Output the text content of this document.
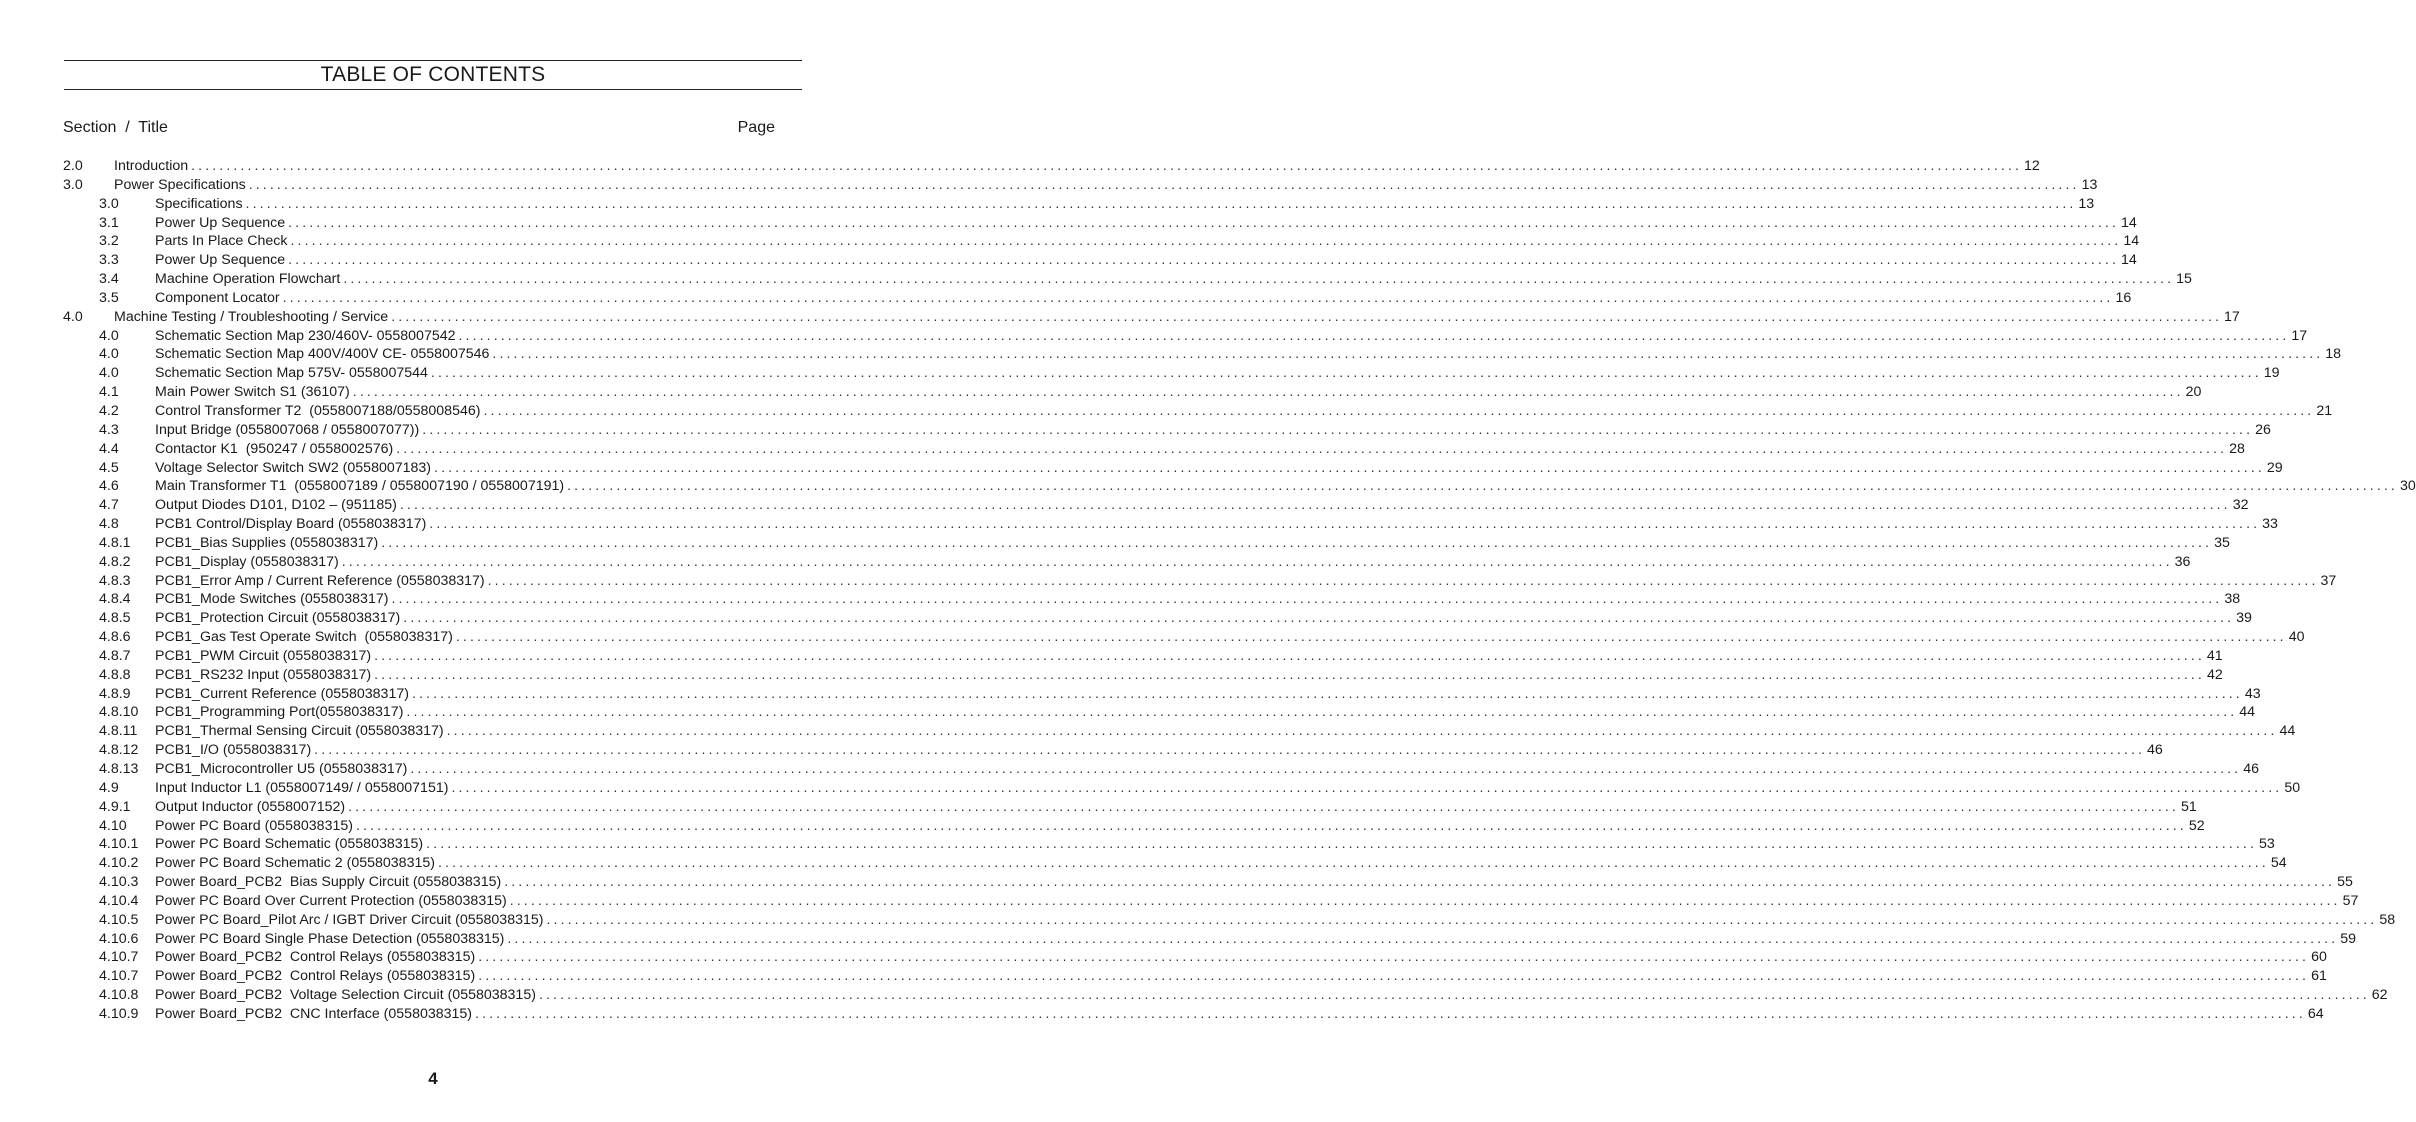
TABLE OF CONTENTS
Section  /  Title	Page
2.0 Introduction .................................................................................................................................................................................................................................................................... 12
3.0 Power Specifications .................................................................................................................................................................................................................................................................... 13
3.0	Specifications .................................................................................................................................................................................................................................................................... 13
3.1	Power Up Sequence .................................................................................................................................................................................................................................................................... 14
3.2	Parts In Place Check .................................................................................................................................................................................................................................................................... 14
3.3	Power Up Sequence .................................................................................................................................................................................................................................................................... 14
3.4	Machine Operation Flowchart .................................................................................................................................................................................................................................................................... 15
3.5	Component Locator .................................................................................................................................................................................................................................................................... 16
4.0 Machine Testing / Troubleshooting / Service .................................................................................................................................................................................................................................................................... 17
4.0	Schematic Section Map 230/460V- 0558007542 .................................................................................................................................................................................................................................................................... 17
4.0	Schematic Section Map 400V/400V CE- 0558007546 .................................................................................................................................................................................................................................................................... 18
4.0	Schematic Section Map 575V- 0558007544 .................................................................................................................................................................................................................................................................... 19
4.1	Main Power Switch S1 (36107) .................................................................................................................................................................................................................................................................... 20
4.2	Control Transformer T2  (0558007188/0558008546) .................................................................................................................................................................................................................................................................... 21
4.3	Input Bridge (0558007068 / 0558007077)) .................................................................................................................................................................................................................................................................... 26
4.4	Contactor K1  (950247 / 0558002576) .................................................................................................................................................................................................................................................................... 28
4.5	Voltage Selector Switch SW2 (0558007183) .................................................................................................................................................................................................................................................................... 29
4.6	Main Transformer T1  (0558007189 / 0558007190 / 0558007191) .................................................................................................................................................................................................................................................................... 30
4.7	Output Diodes D101, D102 – (951185) .................................................................................................................................................................................................................................................................... 32
4.8	PCB1 Control/Display Board (0558038317) .................................................................................................................................................................................................................................................................... 33
4.8.1 PCB1_Bias Supplies (0558038317) .................................................................................................................................................................................................................................................................... 35
4.8.2 PCB1_Display (0558038317) .................................................................................................................................................................................................................................................................... 36
4.8.3 PCB1_Error Amp / Current Reference (0558038317) .................................................................................................................................................................................................................................................................... 37
4.8.4 PCB1_Mode Switches (0558038317) .................................................................................................................................................................................................................................................................... 38
4.8.5 PCB1_Protection Circuit (0558038317) .................................................................................................................................................................................................................................................................... 39
4.8.6 PCB1_Gas Test Operate Switch  (0558038317) .................................................................................................................................................................................................................................................................... 40
4.8.7 PCB1_PWM Circuit (0558038317) .................................................................................................................................................................................................................................................................... 41
4.8.8 PCB1_RS232 Input (0558038317) .................................................................................................................................................................................................................................................................... 42
4.8.9 PCB1_Current Reference (0558038317) .................................................................................................................................................................................................................................................................... 43
4.8.10 PCB1_Programming Port(0558038317) .................................................................................................................................................................................................................................................................... 44
4.8.11 PCB1_Thermal Sensing Circuit (0558038317) .................................................................................................................................................................................................................................................................... 44
4.8.12 PCB1_I/O (0558038317) .................................................................................................................................................................................................................................................................... 46
4.8.13 PCB1_Microcontroller U5 (0558038317) .................................................................................................................................................................................................................................................................... 46
4.9	Input Inductor L1 (0558007149/ / 0558007151) .................................................................................................................................................................................................................................................................... 50
4.9.1 Output Inductor (0558007152) .................................................................................................................................................................................................................................................................... 51
4.10 Power PC Board (0558038315) .................................................................................................................................................................................................................................................................... 52
4.10.1 Power PC Board Schematic (0558038315) .................................................................................................................................................................................................................................................................... 53
4.10.2 Power PC Board Schematic 2 (0558038315) .................................................................................................................................................................................................................................................................... 54
4.10.3 Power Board_PCB2  Bias Supply Circuit (0558038315) .................................................................................................................................................................................................................................................................... 55
4.10.4 Power PC Board Over Current Protection (0558038315) .................................................................................................................................................................................................................................................................... 57
4.10.5 Power PC Board_Pilot Arc / IGBT Driver Circuit (0558038315) .................................................................................................................................................................................................................................................................... 58
4.10.6 Power PC Board Single Phase Detection (0558038315) .................................................................................................................................................................................................................................................................... 59
4.10.7 Power Board_PCB2  Control Relays (0558038315) .................................................................................................................................................................................................................................................................... 60
4.10.7 Power Board_PCB2  Control Relays (0558038315) .................................................................................................................................................................................................................................................................... 61
4.10.8 Power Board_PCB2  Voltage Selection Circuit (0558038315) .................................................................................................................................................................................................................................................................... 62
4.10.9 Power Board_PCB2  CNC Interface (0558038315) .................................................................................................................................................................................................................................................................... 64
4
